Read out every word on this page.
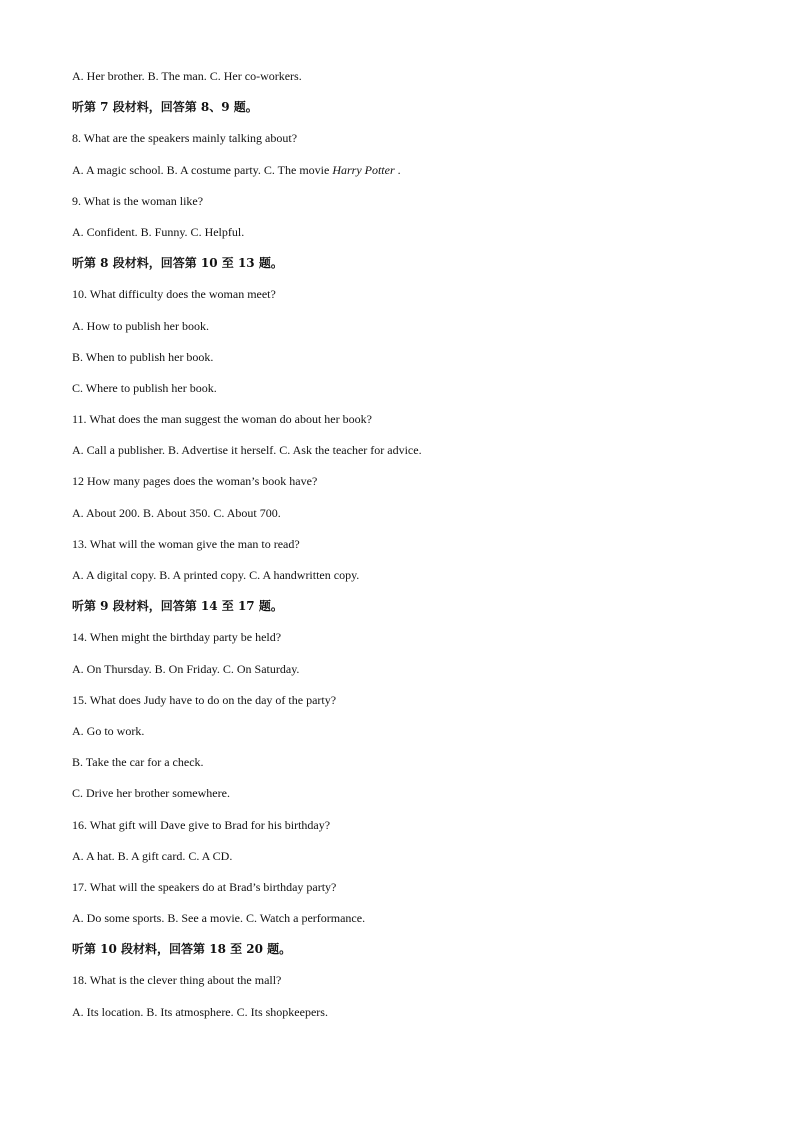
A. Her brother. B. The man. C. Her co-workers.
听第 7 段材料，回答第 8、9 题。
8. What are the speakers mainly talking about?
A. A magic school. B. A costume party. C. The movie Harry Potter .
9. What is the woman like?
A. Confident. B. Funny. C. Helpful.
听第 8 段材料，回答第 10 至 13 题。
10. What difficulty does the woman meet?
A. How to publish her book.
B. When to publish her book.
C. Where to publish her book.
11. What does the man suggest the woman do about her book?
A. Call a publisher. B. Advertise it herself. C. Ask the teacher for advice.
12 How many pages does the woman’s book have?
A. About 200. B. About 350. C. About 700.
13. What will the woman give the man to read?
A. A digital copy. B. A printed copy. C. A handwritten copy.
听第 9 段材料，回答第 14 至 17 题。
14. When might the birthday party be held?
A. On Thursday. B. On Friday. C. On Saturday.
15. What does Judy have to do on the day of the party?
A. Go to work.
B. Take the car for a check.
C. Drive her brother somewhere.
16. What gift will Dave give to Brad for his birthday?
A. A hat. B. A gift card. C. A CD.
17. What will the speakers do at Brad’s birthday party?
A. Do some sports. B. See a movie. C. Watch a performance.
听第 10 段材料，回答第 18 至 20 题。
18. What is the clever thing about the mall?
A. Its location. B. Its atmosphere. C. Its shopkeepers.
